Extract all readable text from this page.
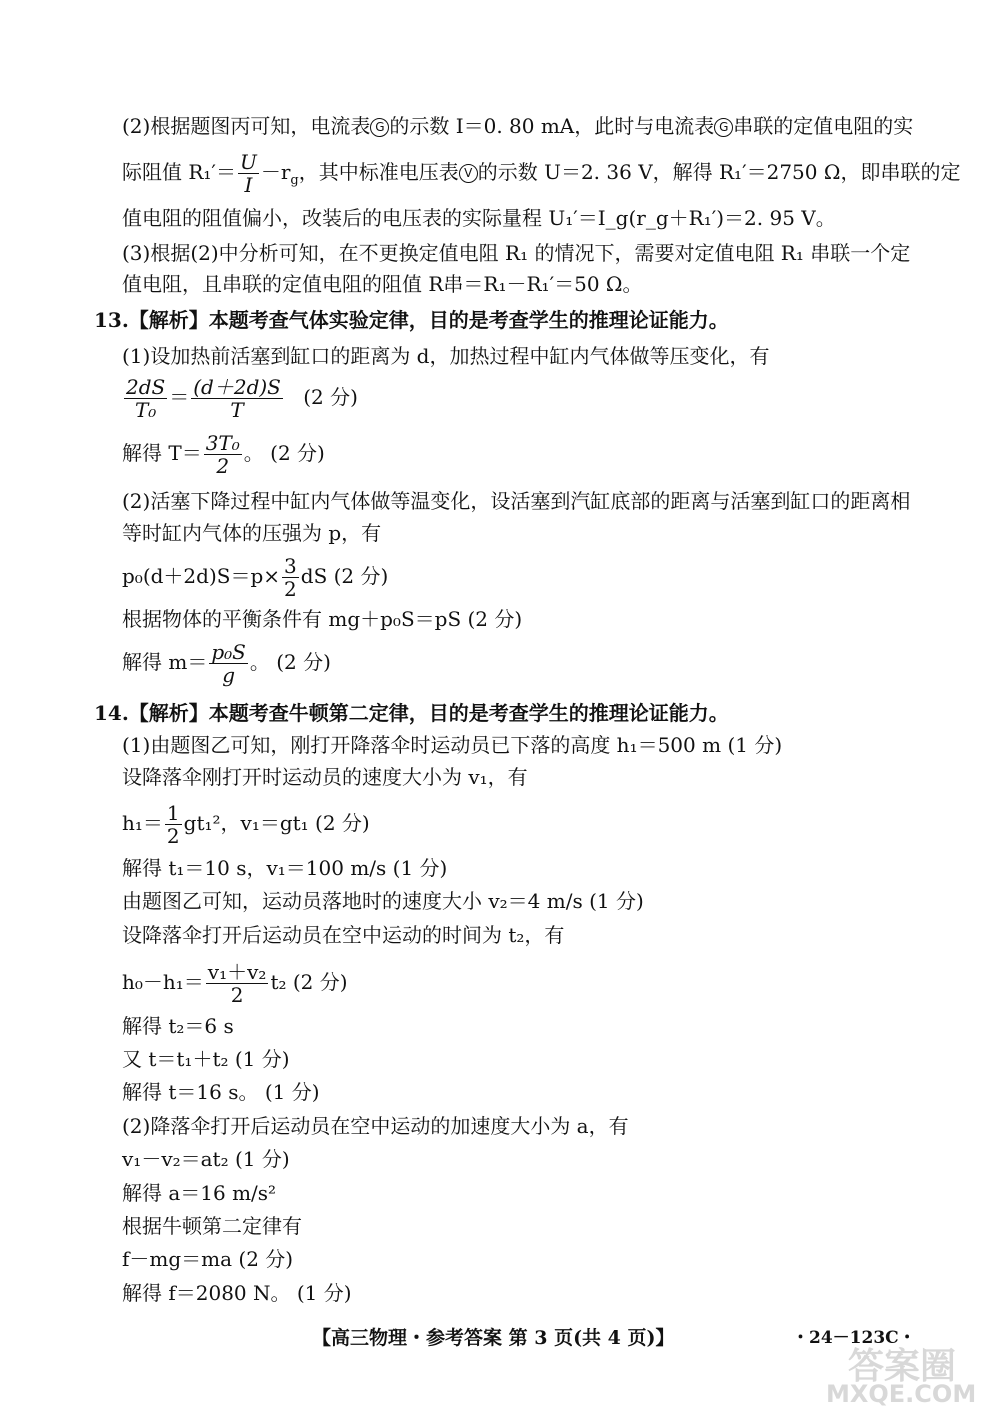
(2)根据题图丙可知，电流表 G 的示数 I＝0. 80 mA，此时与电流表 G 串联的定值电阻的实
际阻值 $R_1'= \frac{U}{I} -r_g$，其中标准电压表 V 的示数 U＝2. 36 V，解得 R₁′＝2750 Ω，即串联的定
值电阻的阻值偏小，改装后的电压表的实际量程 U₁′＝I_g(r_g＋R₁′)＝2. 95 V。
(3)根据(2)中分析可知，在不更换定值电阻 R₁ 的情况下，需要对定值电阻 R₁ 串联一个定
值电阻，且串联的定值电阻的阻值 R串＝R₁－R₁′＝50 Ω。
13.【解析】本题考查气体实验定律，目的是考查学生的推理论证能力。
(1)设加热前活塞到缸口的距离为 d，加热过程中缸内气体做等压变化，有
$\frac{2dS}{\text{T₀}} = \frac{(d+2d)S}{T} (2$ 分)
解得 $T= \frac{\text{3T₀}}{2}$ 。 (2 分)
(2)活塞下降过程中缸内气体做等温变化，设活塞到汽缸底部的距离与活塞到缸口的距离相
等时缸内气体的压强为 p，有
$p_0(d+2d)S=p\times \frac{3}{2}$ dS (2 分)
根据物体的平衡条件有 mg＋p₀S＝pS (2 分)
解得 $m= \frac{\text{p₀S}}{g}$ 。 (2 分)
14.【解析】本题考查牛顿第二定律，目的是考查学生的推理论证能力。
(1)由题图乙可知，刚打开降落伞时运动员已下落的高度 h₁＝500 m (1 分)
设降落伞刚打开时运动员的速度大小为 v₁，有
$h_1= \frac{1}{2} gt_1^2$，v₁＝gt₁ (2 分)
解得 t₁＝10 s，v₁＝100 m/s (1 分)
由题图乙可知，运动员落地时的速度大小 v₂＝4 m/s (1 分)
设降落伞打开后运动员在空中运动的时间为 t₂，有
$h_0-h_1= \frac{\text{v₁＋v₂}}{2} t_2$ (2 分)
解得 t₂＝6 s
又 t＝t₁＋t₂ (1 分)
解得 t＝16 s。 (1 分)
(2)降落伞打开后运动员在空中运动的加速度大小为 a，有
v₁－v₂＝at₂ (1 分)
解得 a＝16 m/s²
根据牛顿第二定律有
f－mg＝ma (2 分)
解得 f＝2080 N。 (1 分)
【高三物理・参考答案 第 3 页(共 4 页)】	・24－123C・
答案圈
MXQE.COM
